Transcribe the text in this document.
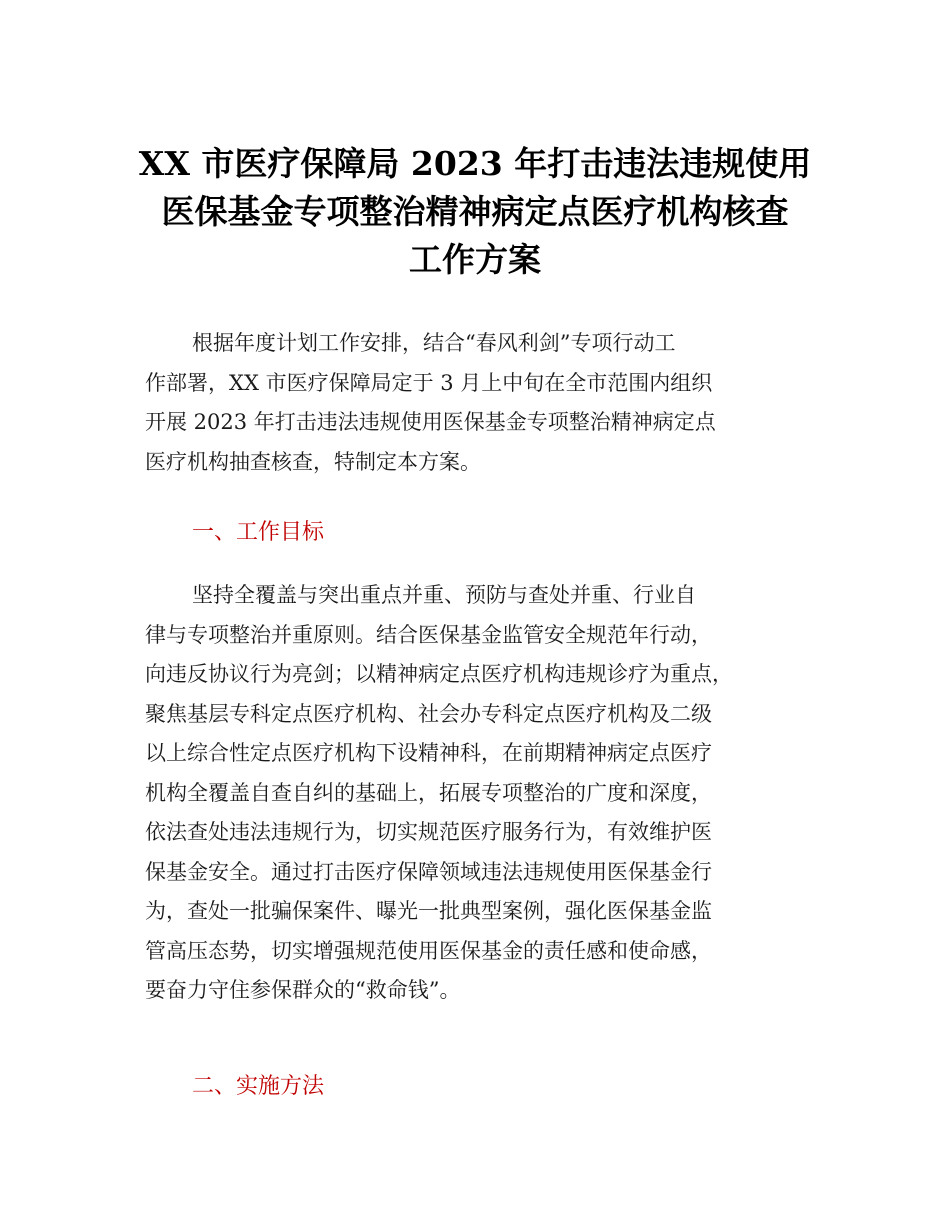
XX 市医疗保障局 2023 年打击违法违规使用
医保基金专项整治精神病定点医疗机构核查
工作方案
根据年度计划工作安排，结合“春风利剑”专项行动工
作部署，XX 市医疗保障局定于 3 月上中旬在全市范围内组织
开展 2023 年打击违法违规使用医保基金专项整治精神病定点
医疗机构抽查核查，特制定本方案。
一、工作目标
坚持全覆盖与突出重点并重、预防与查处并重、行业自
律与专项整治并重原则。结合医保基金监管安全规范年行动，
向违反协议行为亮剑；以精神病定点医疗机构违规诊疗为重点，
聚焦基层专科定点医疗机构、社会办专科定点医疗机构及二级
以上综合性定点医疗机构下设精神科，在前期精神病定点医疗
机构全覆盖自查自纠的基础上，拓展专项整治的广度和深度，
依法查处违法违规行为，切实规范医疗服务行为，有效维护医
保基金安全。通过打击医疗保障领域违法违规使用医保基金行
为，查处一批骗保案件、曝光一批典型案例，强化医保基金监
管高压态势，切实增强规范使用医保基金的责任感和使命感，
要奋力守住参保群众的“救命钱”。
二、实施方法
